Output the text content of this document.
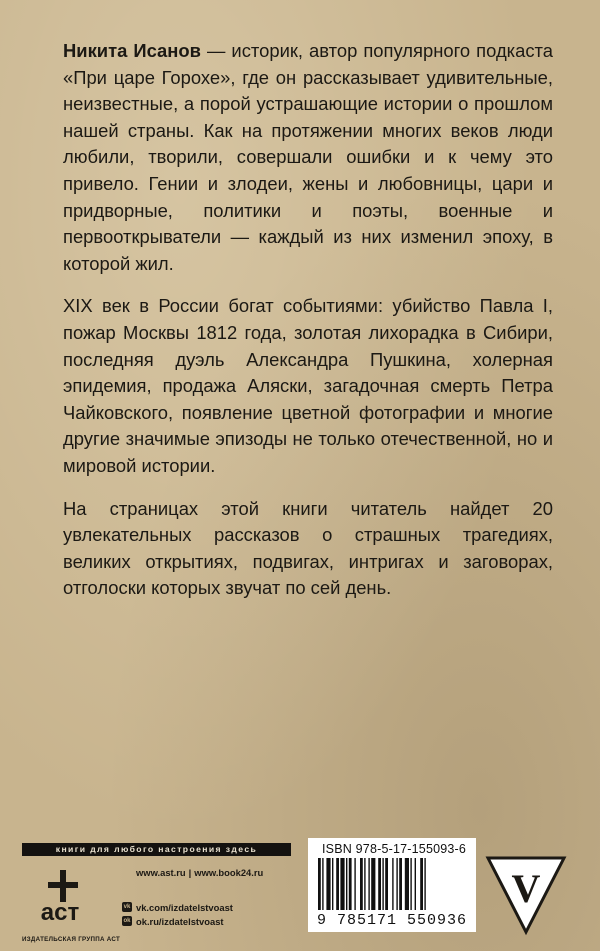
Никита Исанов — историк, автор популярного подкаста «При царе Горохе», где он рассказывает удивительные, неизвестные, а порой устрашающие истории о прошлом нашей страны. Как на протяжении многих веков люди любили, творили, совершали ошибки и к чему это привело. Гении и злодеи, жены и любовницы, цари и придворные, политики и поэты, военные и первооткрыватели — каждый из них изменил эпоху, в которой жил.

XIX век в России богат событиями: убийство Павла I, пожар Москвы 1812 года, золотая лихорадка в Сибири, последняя дуэль Александра Пушкина, холерная эпидемия, продажа Аляски, загадочная смерть Петра Чайковского, появление цветной фотографии и многие другие значимые эпизоды не только отечественной, но и мировой истории.

На страницах этой книги читатель найдет 20 увлекательных рассказов о страшных трагедиях, великих открытиях, подвигах, интригах и заговорах, отголоски которых звучат по сей день.

книги для любого настроения здесь
аст
ИЗДАТЕЛЬСКАЯ ГРУППА АСТ
www.ast.ru | www.book24.ru
vk vk.com/izdatelstvoast
ok ok.ru/izdatelstvoast
ISBN 978-5-17-155093-6
9 785171 550936
V
